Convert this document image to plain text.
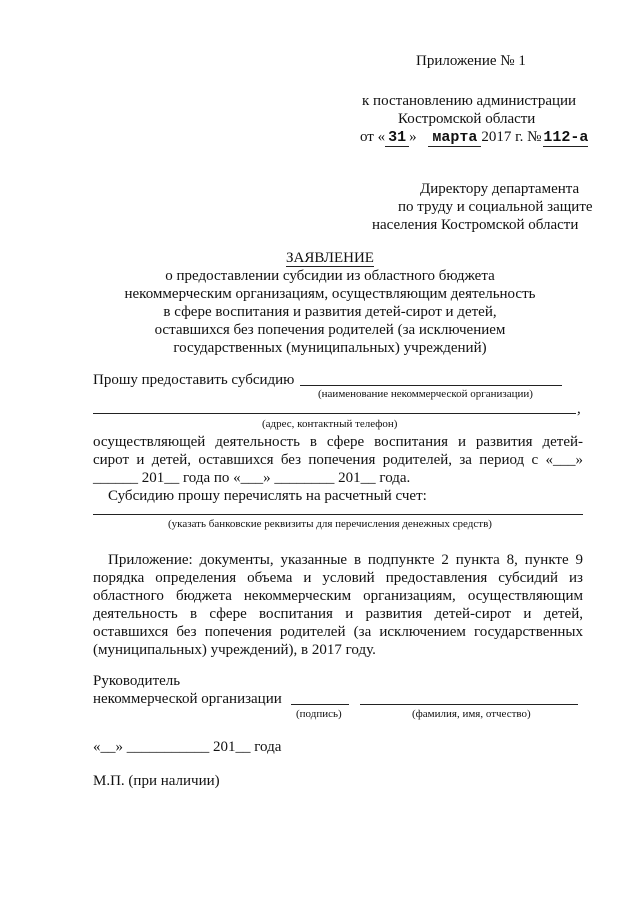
Приложение № 1
к постановлению администрации
Костромской области
от « 31 » марта 2017 г. № 112-а
Директору департамента
по труду и социальной защите
населения Костромской области
ЗАЯВЛЕНИЕ
о предоставлении субсидии из областного бюджета
некоммерческим организациям, осуществляющим деятельность
в сфере воспитания и развития детей-сирот и детей,
оставшихся без попечения родителей (за исключением
государственных (муниципальных) учреждений)
Прошу предоставить субсидию
(наименование некоммерческой организации)
,
(адрес, контактный телефон)
осуществляющей деятельность в сфере воспитания и развития детей-
сирот и детей, оставшихся без попечения родителей, за период с «___»
______ 201__ года по «___» ________ 201__ года.
Субсидию прошу перечислять на расчетный счет:
(указать банковские реквизиты для перечисления денежных средств)
Приложение: документы, указанные в подпункте 2 пункта 8, пункте 9
порядка определения объема и условий предоставления субсидий из
областного бюджета некоммерческим организациям, осуществляющим
деятельность в сфере воспитания и развития детей-сирот и детей,
оставшихся без попечения родителей (за исключением государственных
(муниципальных) учреждений), в 2017 году.
Руководитель
некоммерческой организации
(подпись)	(фамилия, имя, отчество)
«__» ___________ 201__ года
М.П. (при наличии)
